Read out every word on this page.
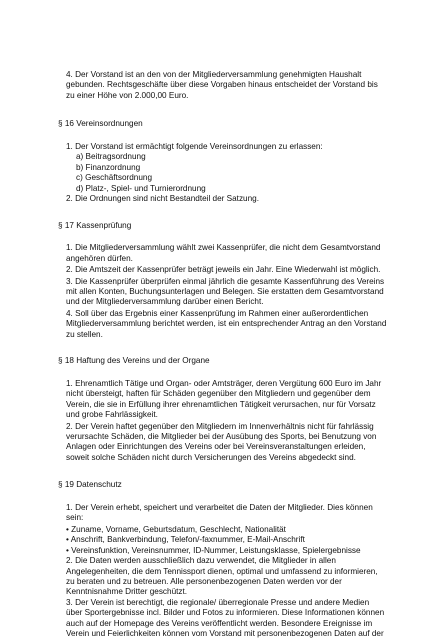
4. Der Vorstand ist an den von der Mitgliederversammlung genehmigten Haushalt
gebunden. Rechtsgeschäfte über diese Vorgaben hinaus entscheidet der Vorstand bis
zu einer Höhe von 2.000,00 Euro.
§ 16 Vereinsordnungen
1. Der Vorstand ist ermächtigt folgende Vereinsordnungen zu erlassen:
a) Beitragsordnung
b) Finanzordnung
c) Geschäftsordnung
d) Platz-, Spiel- und Turnierordnung
2. Die Ordnungen sind nicht Bestandteil der Satzung.
§ 17 Kassenprüfung
1. Die Mitgliederversammlung wählt zwei Kassenprüfer, die nicht dem Gesamtvorstand
angehören dürfen.
2. Die Amtszeit der Kassenprüfer beträgt jeweils ein Jahr. Eine Wiederwahl ist möglich.
3. Die Kassenprüfer überprüfen einmal jährlich die gesamte Kassenführung des Vereins
mit allen Konten, Buchungsunterlagen und Belegen. Sie erstatten dem Gesamtvorstand
und der Mitgliederversammlung darüber einen Bericht.
4. Soll über das Ergebnis einer Kassenprüfung im Rahmen einer außerordentlichen
Mitgliederversammlung berichtet werden, ist ein entsprechender Antrag an den Vorstand
zu stellen.
§ 18 Haftung des Vereins und der Organe
1. Ehrenamtlich Tätige und Organ- oder Amtsträger, deren Vergütung 600 Euro im Jahr
nicht übersteigt, haften für Schäden gegenüber den Mitgliedern und gegenüber dem
Verein, die sie in Erfüllung ihrer ehrenamtlichen Tätigkeit verursachen, nur für Vorsatz
und grobe Fahrlässigkeit.
2. Der Verein haftet gegenüber den Mitgliedern im Innenverhältnis nicht für fahrlässig
verursachte Schäden, die Mitglieder bei der Ausübung des Sports, bei Benutzung von
Anlagen oder Einrichtungen des Vereins oder bei Vereinsveranstaltungen erleiden,
soweit solche Schäden nicht durch Versicherungen des Vereins abgedeckt sind.
§ 19 Datenschutz
1. Der Verein erhebt, speichert und verarbeitet die Daten der Mitglieder. Dies können
sein:
• Zuname, Vorname, Geburtsdatum, Geschlecht, Nationalität
• Anschrift, Bankverbindung, Telefon/-faxnummer, E-Mail-Anschrift
• Vereinsfunktion, Vereinsnummer, ID-Nummer, Leistungsklasse, Spielergebnisse
2. Die Daten werden ausschließlich dazu verwendet, die Mitglieder in allen
Angelegenheiten, die dem Tennissport dienen, optimal und umfassend zu informieren,
zu beraten und zu betreuen. Alle personenbezogenen Daten werden vor der
Kenntnisnahme Dritter geschützt.
3. Der Verein ist berechtigt, die regionale/ überregionale Presse und andere Medien
über Sportergebnisse incl. Bilder und Fotos zu informieren. Diese Informationen können
auch auf der Homepage des Vereins veröffentlicht werden. Besondere Ereignisse im
Verein und Feierlichkeiten können vom Vorstand mit personenbezogenen Daten auf der
